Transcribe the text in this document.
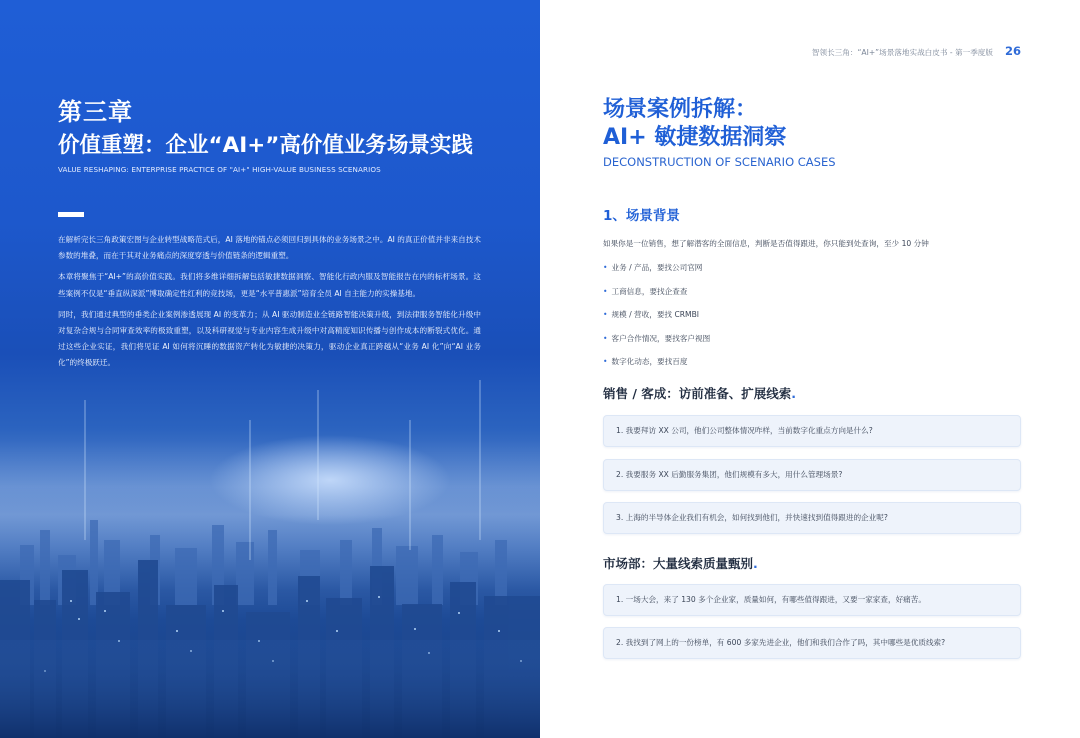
第三章
价值重塑：企业“AI+”高价值业务场景实践
VALUE RESHAPING: ENTERPRISE PRACTICE OF "AI+" HIGH-VALUE BUSINESS SCENARIOS

在解析完长三角政策宏图与企业转型战略范式后，AI 落地的锚点必须回归到具体的业务场景之中。AI 的真正价值并非来自技术参数的堆叠，而在于其对业务痛点的深度穿透与价值链条的逻辑重塑。

本章将聚焦于“AI+”的高价值实践。我们将多维详细拆解包括敏捷数据洞察、智能化行政内服及智能报告在内的标杆场景。这些案例不仅是“垂直纵深派”博取确定性红利的竞技场，更是“水平普惠派”培育全员 AI 自主能力的实操基地。

同时，我们通过典型的垂类企业案例渗透展现 AI 的变革力；从 AI 驱动制造业全链路智能决策升级，到法律服务智能化升级中对复杂合规与合同审查效率的极致重塑，以及科研视觉与专业内容生成升级中对高精度知识传播与创作成本的断裂式优化。通过这些企业实证，我们将见证 AI 如何将沉睡的数据资产转化为敏捷的决策力，驱动企业真正跨越从“业务 AI 化”向“AI 业务化”的终极跃迁。

智领长三角：“AI+”场景落地实战白皮书 - 第一季度版 26
场景案例拆解：
AI+ 敏捷数据洞察
DECONSTRUCTION OF SCENARIO CASES
1、场景背景
如果你是一位销售，想了解潜客的全面信息，判断是否值得跟进，你只能到处查询，至少 10 分钟
• 业务 / 产品，要找公司官网
• 工商信息，要找企查查
• 规模 / 营收，要找 CRMBI
• 客户合作情况，要找客户视图
• 数字化动态，要找百度
销售 / 客成：访前准备、扩展线索.
1. 我要拜访 XX 公司，他们公司整体情况咋样，当前数字化重点方向是什么?
2. 我要服务 XX 后勤服务集团，他们规模有多大，用什么管理场景?
3. 上海的半导体企业我们有机会，如何找到他们，并快速找到值得跟进的企业呢?
市场部：大量线索质量甄别.
1. 一场大会，来了 130 多个企业家，质量如何，有哪些值得跟进，又要一家家查，好痛苦。
2. 我找到了网上的一份榜单，有 600 多家先进企业，他们和我们合作了吗，其中哪些是优质线索?
